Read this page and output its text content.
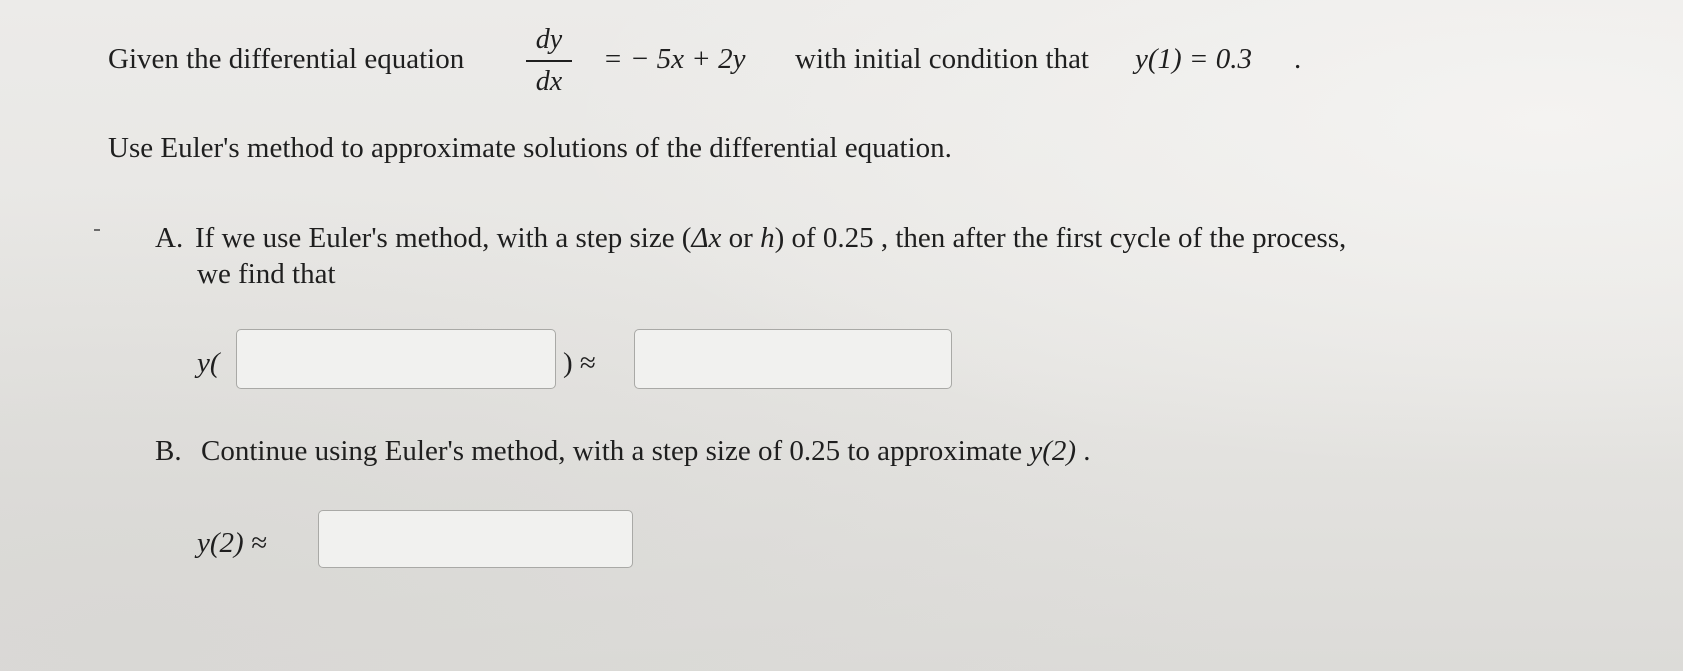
Given the differential equation
dy
dx
= − 5x + 2y with initial condition that y(1) = 0.3 .
Use Euler's method to approximate solutions of the differential equation.
A. If we use Euler's method, with a step size (Δx or h) of 0.25 , then after the first cycle of the process,
we find that
y(	) ≈
B. Continue using Euler's method, with a step size of 0.25 to approximate y(2) .
y(2) ≈
